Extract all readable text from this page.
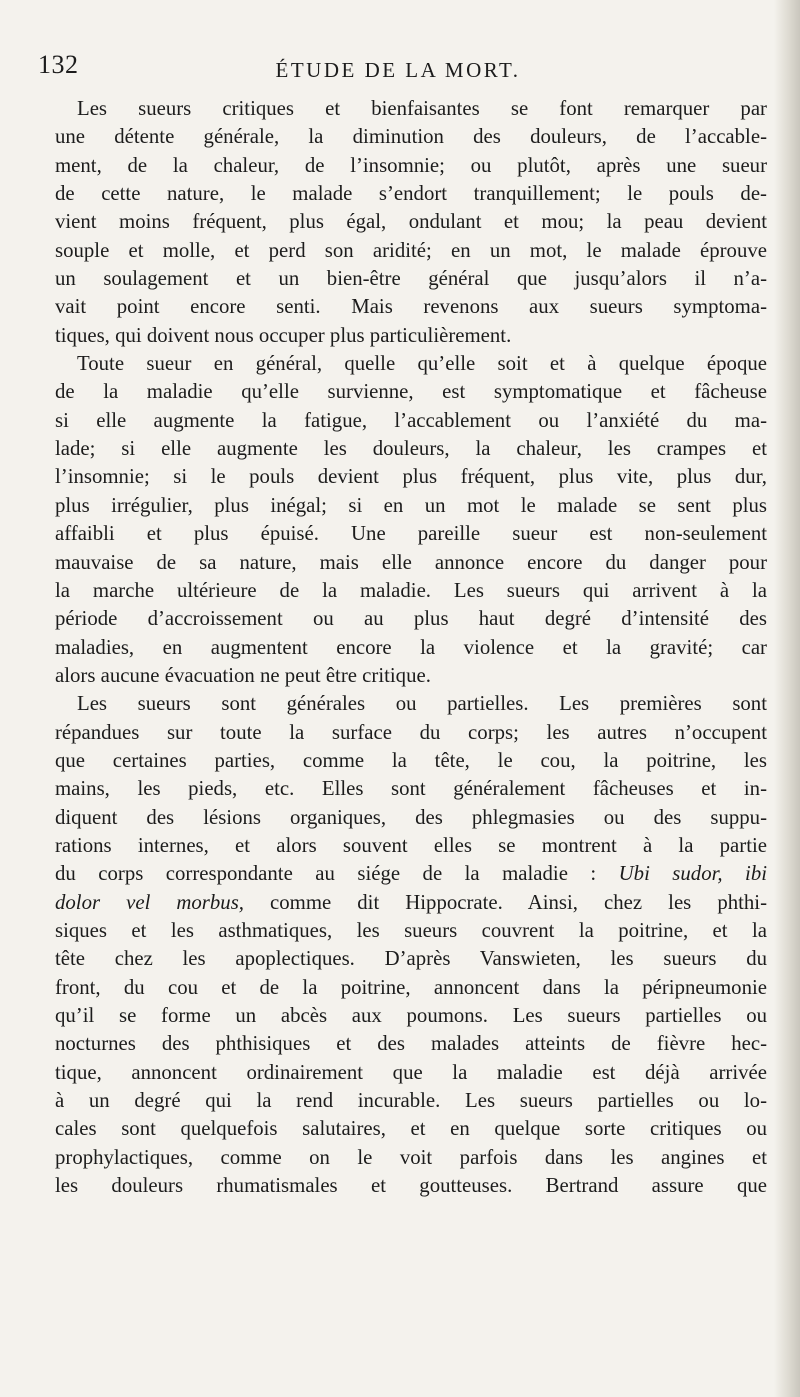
132	ÉTUDE DE LA MORT.
Les sueurs critiques et bienfaisantes se font remarquer par
une détente générale, la diminution des douleurs, de l’accable-
ment, de la chaleur, de l’insomnie; ou plutôt, après une sueur
de cette nature, le malade s’endort tranquillement; le pouls de-
vient moins fréquent, plus égal, ondulant et mou; la peau devient
souple et molle, et perd son aridité; en un mot, le malade éprouve
un soulagement et un bien-être général que jusqu’alors il n’a-
vait point encore senti. Mais revenons aux sueurs symptoma-
tiques, qui doivent nous occuper plus particulièrement.
Toute sueur en général, quelle qu’elle soit et à quelque époque
de la maladie qu’elle survienne, est symptomatique et fâcheuse
si elle augmente la fatigue, l’accablement ou l’anxiété du ma-
lade; si elle augmente les douleurs, la chaleur, les crampes et
l’insomnie; si le pouls devient plus fréquent, plus vite, plus dur,
plus irrégulier, plus inégal; si en un mot le malade se sent plus
affaibli et plus épuisé. Une pareille sueur est non-seulement
mauvaise de sa nature, mais elle annonce encore du danger pour
la marche ultérieure de la maladie. Les sueurs qui arrivent à la
période d’accroissement ou au plus haut degré d’intensité des
maladies, en augmentent encore la violence et la gravité; car
alors aucune évacuation ne peut être critique.
Les sueurs sont générales ou partielles. Les premières sont
répandues sur toute la surface du corps; les autres n’occupent
que certaines parties, comme la tête, le cou, la poitrine, les
mains, les pieds, etc. Elles sont généralement fâcheuses et in-
diquent des lésions organiques, des phlegmasies ou des suppu-
rations internes, et alors souvent elles se montrent à la partie
du corps correspondante au siége de la maladie : Ubi sudor, ibi
dolor vel morbus, comme dit Hippocrate. Ainsi, chez les phthi-
siques et les asthmatiques, les sueurs couvrent la poitrine, et la
tête chez les apoplectiques. D’après Vanswieten, les sueurs du
front, du cou et de la poitrine, annoncent dans la péripneumonie
qu’il se forme un abcès aux poumons. Les sueurs partielles ou
nocturnes des phthisiques et des malades atteints de fièvre hec-
tique, annoncent ordinairement que la maladie est déjà arrivée
à un degré qui la rend incurable. Les sueurs partielles ou lo-
cales sont quelquefois salutaires, et en quelque sorte critiques ou
prophylactiques, comme on le voit parfois dans les angines et
les douleurs rhumatismales et goutteuses. Bertrand assure que
